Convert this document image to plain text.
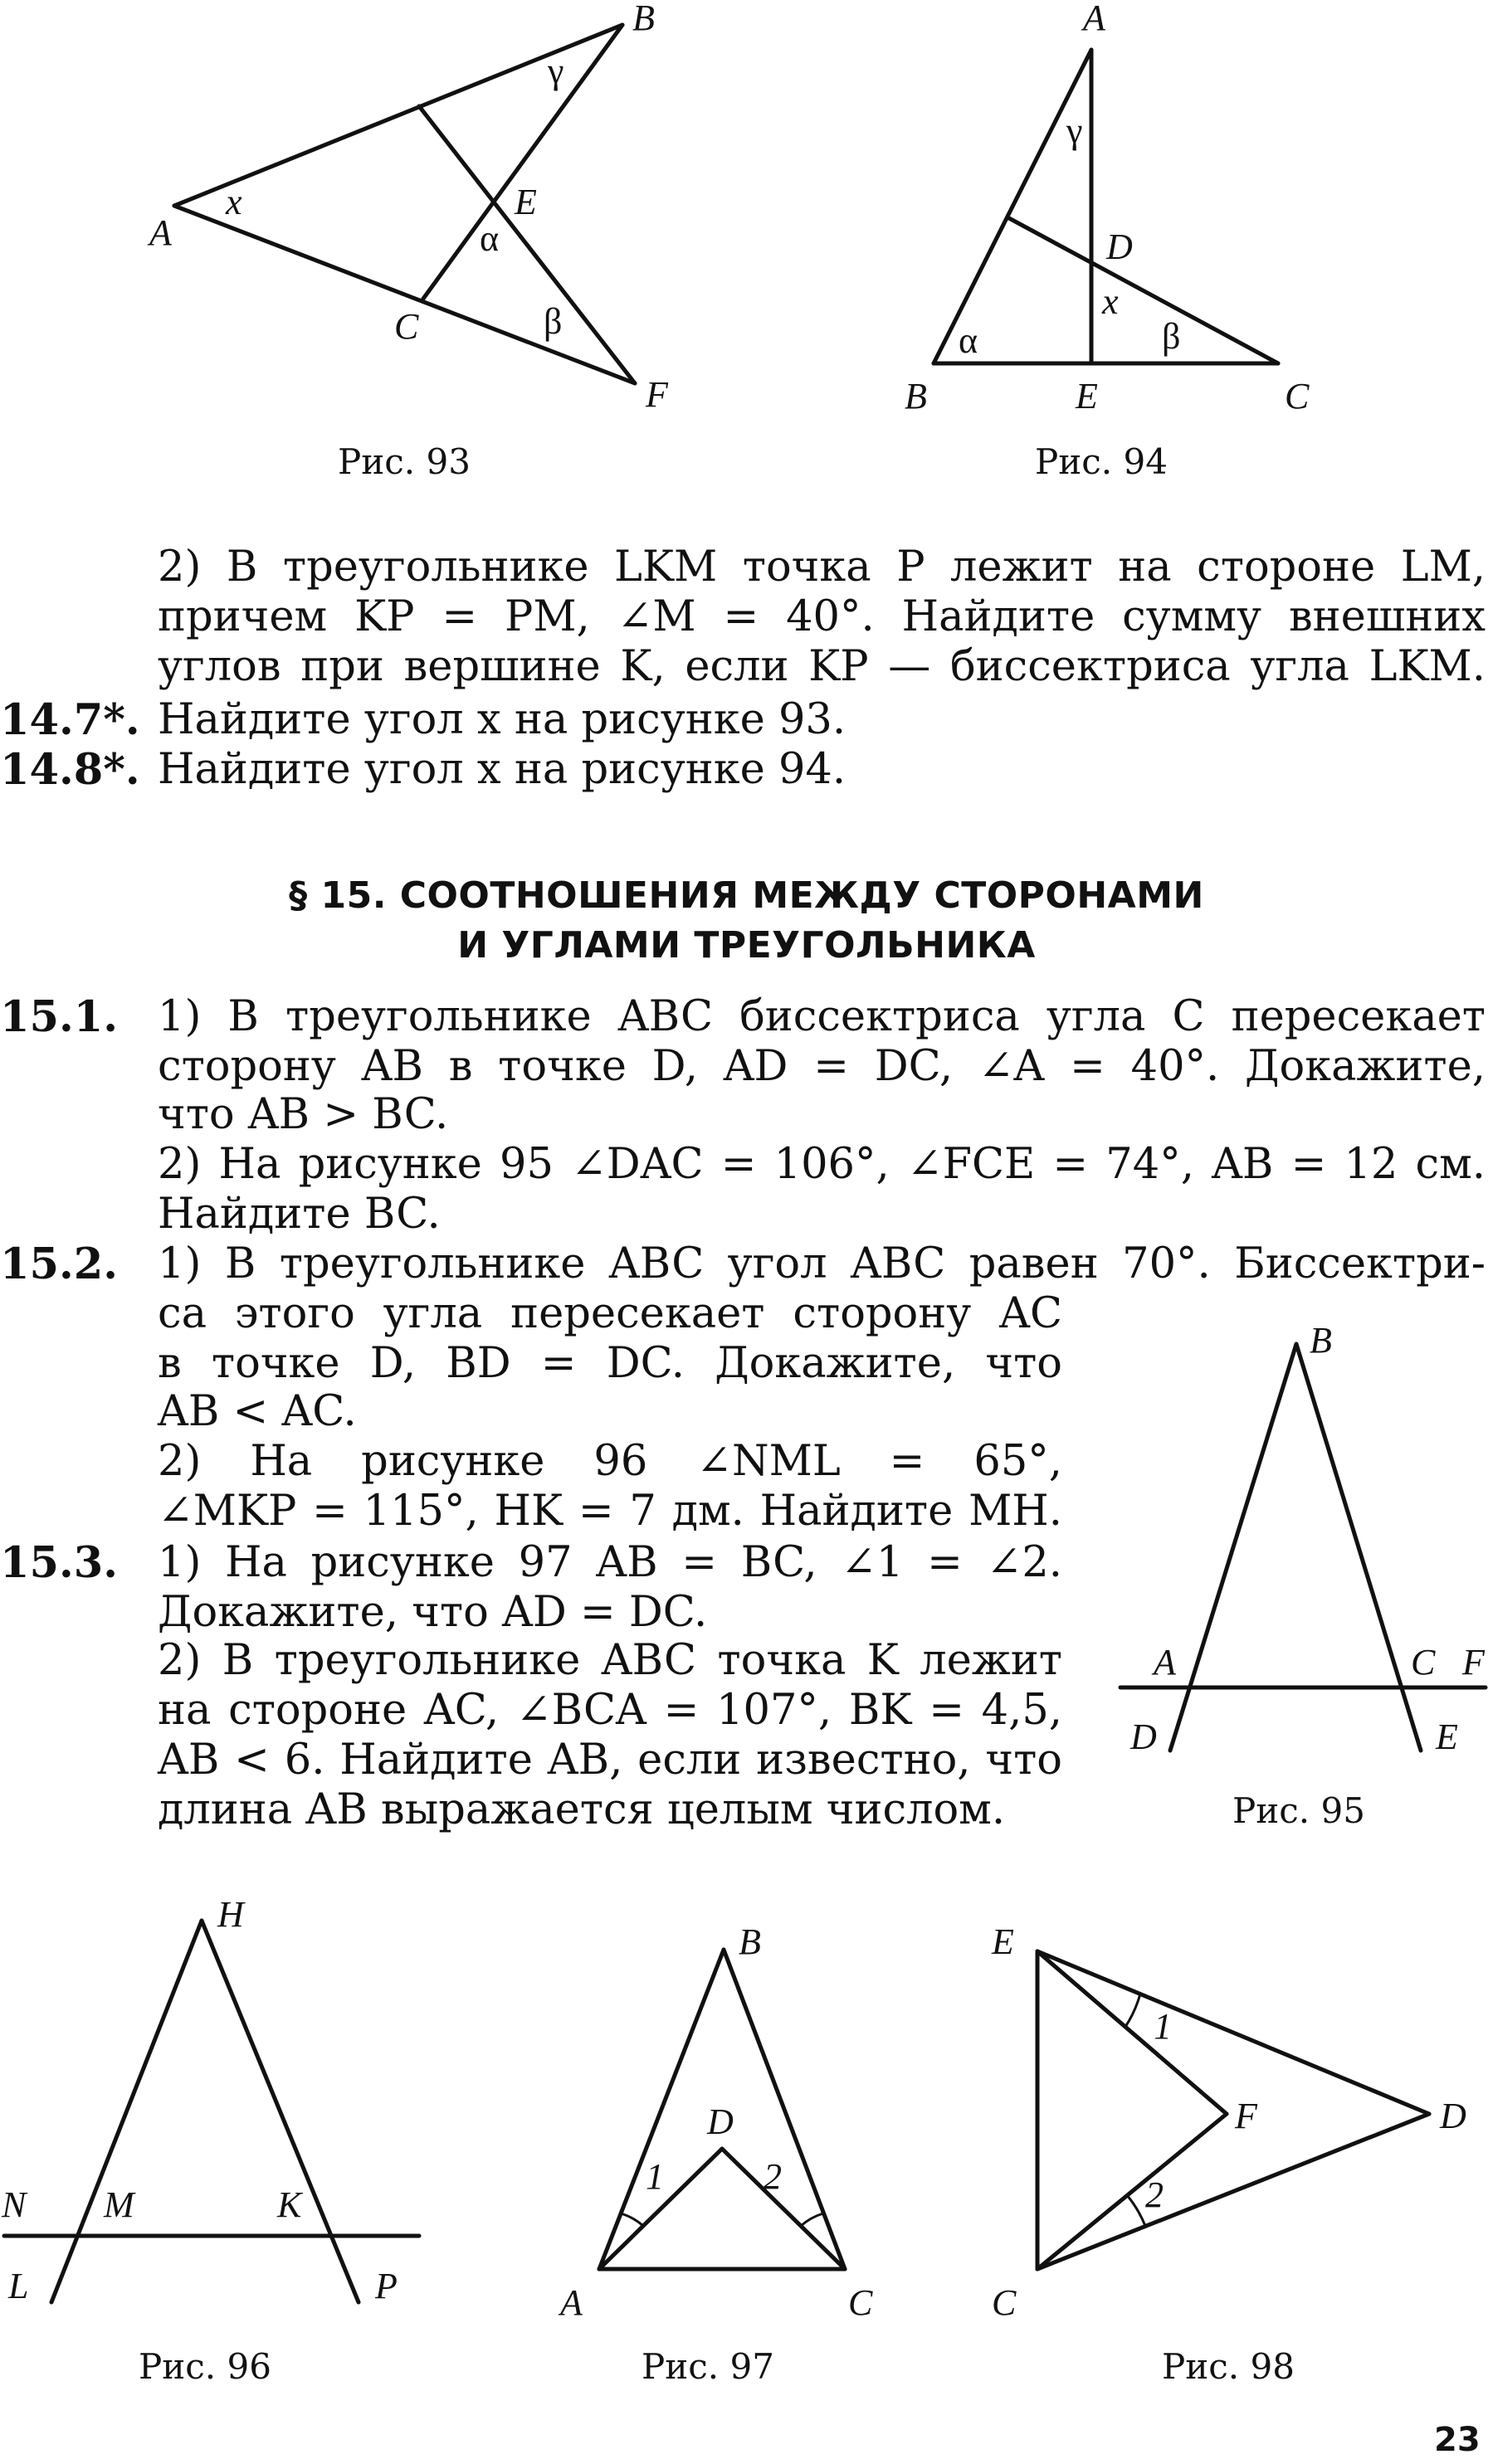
A
B
C
E
F
x
α
β
γ
Рис. 93
A
B	C
D
E
x
α	β
γ
Рис. 94
2) В треугольнике LKM точка P лежит на стороне LM,
причем KP = PM, ∠M = 40°. Найдите сумму внешних
углов при вершине K, если KP — биссектриса угла LKM.
14.7*. Найдите угол x на рисунке 93.
14.8*. Найдите угол x на рисунке 94.
§ 15. СООТНОШЕНИЯ МЕЖДУ СТОРОНАМИ
И УГЛАМИ ТРЕУГОЛЬНИКА
15.1. 1) В треугольнике ABC биссектриса угла C пересекает
сторону AB в точке D, AD = DC, ∠A = 40°. Докажите,
что AB > BC.
2) На рисунке 95 ∠DAC = 106°, ∠FCE = 74°, AB = 12 см.
Найдите BC.
15.2. 1) В треугольнике ABC угол ABC равен 70°. Биссектри-
са этого угла пересекает сторону AC
в точке D, BD = DC. Докажите, что
AB < AC.
2) На рисунке 96 ∠NML = 65°,
∠MKP = 115°, HK = 7 дм. Найдите MH.
15.3. 1) На рисунке 97 AB = BC, ∠1 = ∠2.
Докажите, что AD = DC.
2) В треугольнике ABC точка K лежит
на стороне AC, ∠BCA = 107°, BK = 4,5,
AB < 6. Найдите AB, если известно, что
длина AB выражается целым числом.
B
A	C F
D	E
Рис. 95
H
N M	K
L	P
Рис. 96
B
D
A	C
1	2
Рис. 97
E
F	D
C
1
2
Рис. 98
23
